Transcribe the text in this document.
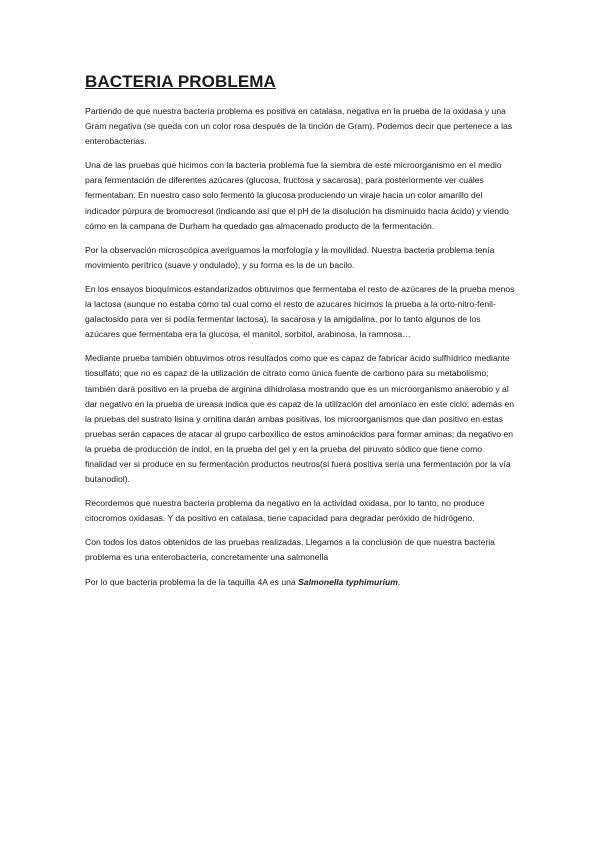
BACTERIA PROBLEMA

Partiendo de que nuestra bacteria problema es positiva en catalasa, negativa en la prueba de la oxidasa y una Gram negativa (se queda con un color rosa después de la tinción de Gram). Podemos decir que pertenece a las enterobacterias.

Una de las pruebas que hicimos con la bacteria problema fue la siembra de este microorganismo en el medio para fermentación de diferentes azúcares (glucosa, fructosa y sacarosa), para posteriormente ver cuáles fermentaban. En nuestro caso solo fermentó la glucosa produciendo un viraje hacia un color amarillo del indicador púrpura de bromocresol (indicando así que el pH de la disolución ha disminuido hacia ácido) y viendo cómo en la campana de Durham ha quedado gas almacenado producto de la fermentación.

Por la observación microscópica averiguamos la morfología y la movilidad. Nuestra bacteria problema tenía movimiento perítrico (suave y ondulado), y su forma es la de un bacilo.

En los ensayos bioquímicos estandarizados obtuvimos que fermentaba el resto de azúcares de la prueba menos la lactosa (aunque no estaba cómo tal cual como el resto de azucares hicimos la prueba a la orto-nitro-fenil-galactosido para ver si podía fermentar lactosa), la sacarosa y la amigdalina, por lo tanto algunos de los azúcares que fermentaba era la glucosa, el manitol, sorbitol, arabinosa, la ramnosa…

Mediante prueba también obtuvimos otros resultados como que es capaz de fabricar ácido sulfhídrico mediante tiosulfato; que no es capaz de la utilización de citrato como única fuente de carbono para su metabolismo; también dará positivo en la prueba de arginina dihidrolasa mostrando que es un microorganismo anaerobio y al dar negativo en la prueba de ureasa indica que es capaz de la utilización del amoníaco en este ciclo; además en la pruebas del sustrato lisina y ornitina darán ambas positivas, los microorganismos que dan positivo en estas pruebas serán capaces de atacar al grupo carboxílico de estos aminoácidos para formar aminas; da negativo en la prueba de producción de indol, en la prueba del gel y en la prueba del piruvato sódico que tiene como finalidad ver si produce en su fermentación productos neutros(si fuera positiva sería una fermentación por la vía butanodiol).

Recordemos que nuestra bacteria problema da negativo en la actividad oxidasa, por lo tanto, no produce citocromos oxidasas. Y da positivo en catalasa, tiene capacidad para degradar peróxido de hidrógeno.

Con todos los datos obtenidos de las pruebas realizadas. Llegamos a la conclusión de que nuestra bacteria problema es una enterobacteria, concretamente una salmonella

Por lo que bacteria problema la de la taquilla 4A es una Salmonella typhimurium.
